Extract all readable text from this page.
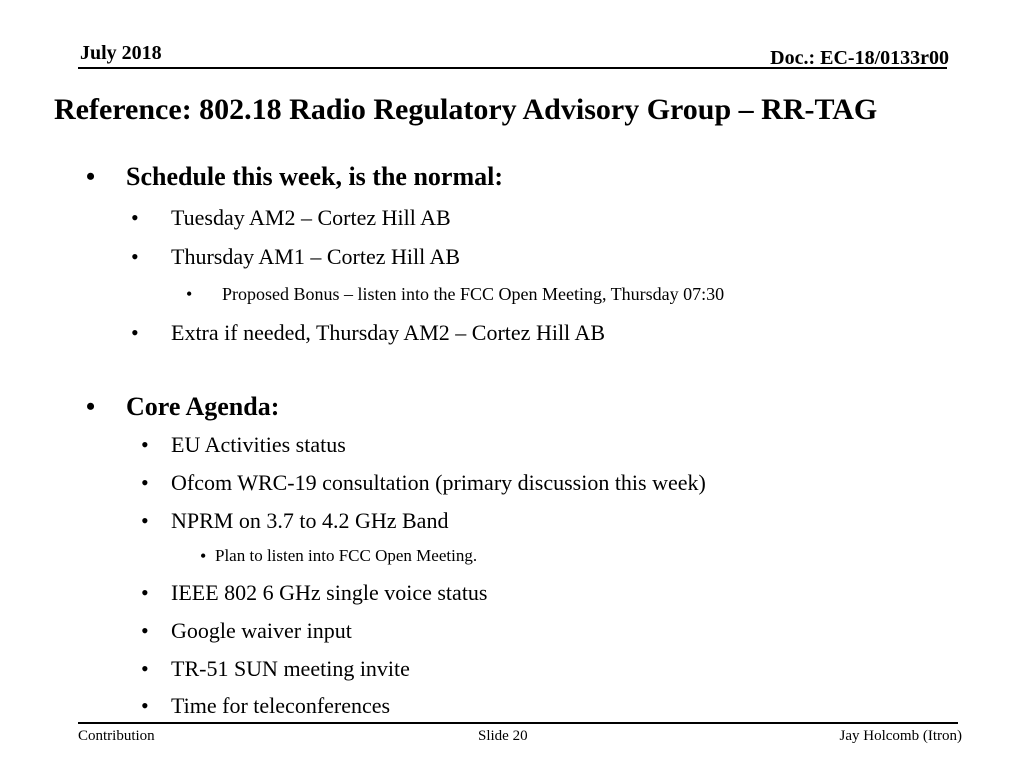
July 2018	Doc.: EC-18/0133r00
Reference: 802.18 Radio Regulatory Advisory Group – RR-TAG
• Schedule this week, is the normal:
• Tuesday AM2 – Cortez Hill AB
• Thursday AM1 – Cortez Hill AB
• Proposed Bonus – listen into the FCC Open Meeting, Thursday 07:30
• Extra if needed, Thursday AM2 – Cortez Hill AB
• Core Agenda:
• EU Activities status
• Ofcom WRC-19 consultation (primary discussion this week)
• NPRM on 3.7 to 4.2 GHz Band
• Plan to listen into FCC Open Meeting.
• IEEE 802 6 GHz single voice status
• Google waiver input
• TR-51 SUN meeting invite
• Time for teleconferences
Contribution	Slide 20	Jay Holcomb (Itron)
